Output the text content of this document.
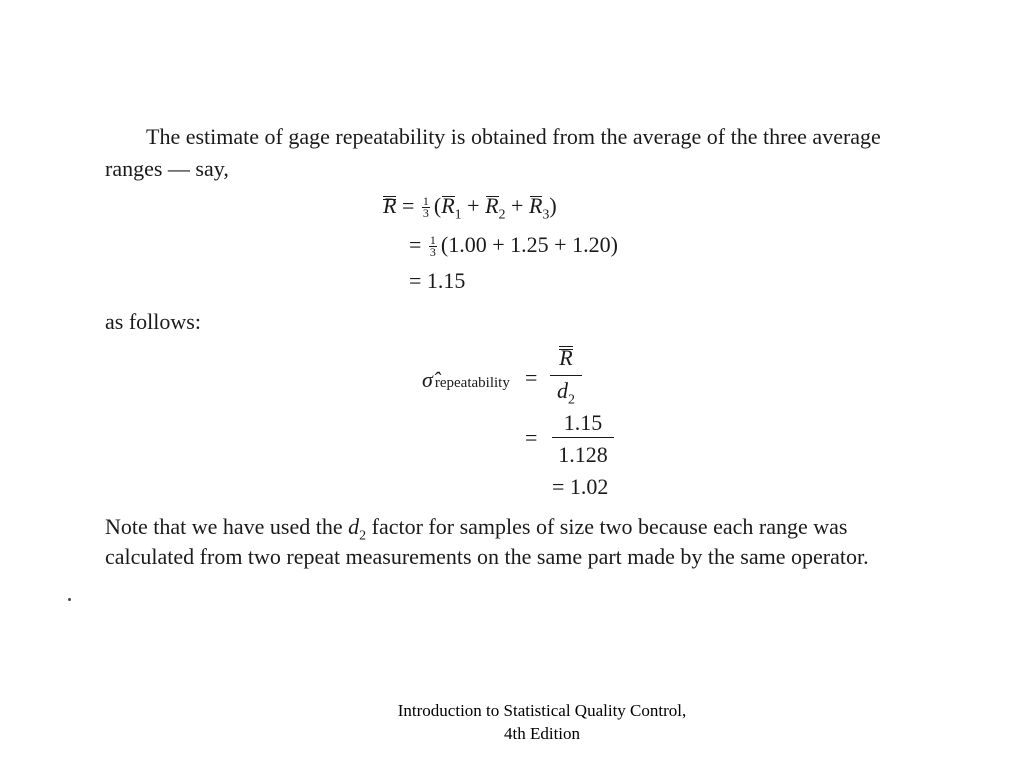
The estimate of gage repeatability is obtained from the average of the three average
ranges — say,
$R = \frac{1}{3} (R_1 + R_2 + R_3)$
= $\frac{1}{3} (1.00 + 1.25 + 1.20)$
= 1.15
as follows:
σ̂ repeatability =
R
$d_2$
=
1.15
1.128
= 1.02
Note that we have used the $d_2$ factor for samples of size two because each range was
calculated from two repeat measurements on the same part made by the same operator.
Introduction to Statistical Quality Control,
4th Edition
